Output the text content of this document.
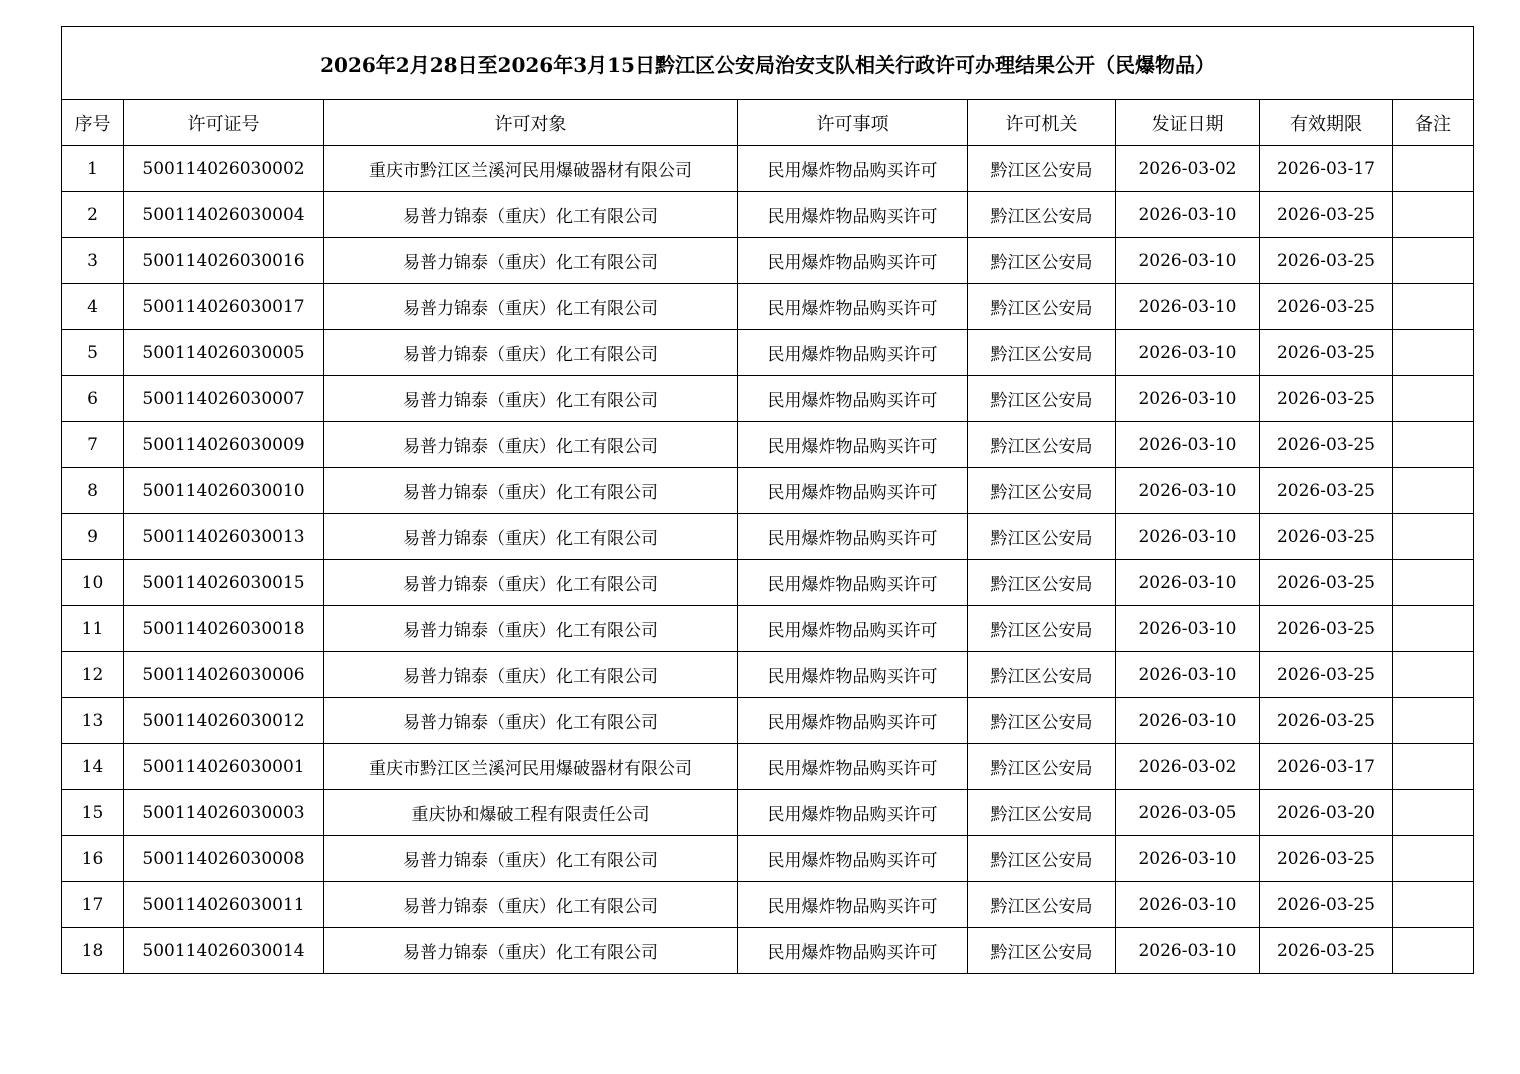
2026年2月28日至2026年3月15日黔江区公安局治安支队相关行政许可办理结果公开（民爆物品）							
序号	许可证号	许可对象	许可事项	许可机关	发证日期	有效期限	备注
1	500114026030002	重庆市黔江区兰溪河民用爆破器材有限公司	民用爆炸物品购买许可	黔江区公安局	2026-03-02	2026-03-17	
2	500114026030004	易普力锦泰（重庆）化工有限公司	民用爆炸物品购买许可	黔江区公安局	2026-03-10	2026-03-25	
3	500114026030016	易普力锦泰（重庆）化工有限公司	民用爆炸物品购买许可	黔江区公安局	2026-03-10	2026-03-25	
4	500114026030017	易普力锦泰（重庆）化工有限公司	民用爆炸物品购买许可	黔江区公安局	2026-03-10	2026-03-25	
5	500114026030005	易普力锦泰（重庆）化工有限公司	民用爆炸物品购买许可	黔江区公安局	2026-03-10	2026-03-25	
6	500114026030007	易普力锦泰（重庆）化工有限公司	民用爆炸物品购买许可	黔江区公安局	2026-03-10	2026-03-25	
7	500114026030009	易普力锦泰（重庆）化工有限公司	民用爆炸物品购买许可	黔江区公安局	2026-03-10	2026-03-25	
8	500114026030010	易普力锦泰（重庆）化工有限公司	民用爆炸物品购买许可	黔江区公安局	2026-03-10	2026-03-25	
9	500114026030013	易普力锦泰（重庆）化工有限公司	民用爆炸物品购买许可	黔江区公安局	2026-03-10	2026-03-25	
10	500114026030015	易普力锦泰（重庆）化工有限公司	民用爆炸物品购买许可	黔江区公安局	2026-03-10	2026-03-25	
11	500114026030018	易普力锦泰（重庆）化工有限公司	民用爆炸物品购买许可	黔江区公安局	2026-03-10	2026-03-25	
12	500114026030006	易普力锦泰（重庆）化工有限公司	民用爆炸物品购买许可	黔江区公安局	2026-03-10	2026-03-25	
13	500114026030012	易普力锦泰（重庆）化工有限公司	民用爆炸物品购买许可	黔江区公安局	2026-03-10	2026-03-25	
14	500114026030001	重庆市黔江区兰溪河民用爆破器材有限公司	民用爆炸物品购买许可	黔江区公安局	2026-03-02	2026-03-17	
15	500114026030003	重庆协和爆破工程有限责任公司	民用爆炸物品购买许可	黔江区公安局	2026-03-05	2026-03-20	
16	500114026030008	易普力锦泰（重庆）化工有限公司	民用爆炸物品购买许可	黔江区公安局	2026-03-10	2026-03-25	
17	500114026030011	易普力锦泰（重庆）化工有限公司	民用爆炸物品购买许可	黔江区公安局	2026-03-10	2026-03-25	
18	500114026030014	易普力锦泰（重庆）化工有限公司	民用爆炸物品购买许可	黔江区公安局	2026-03-10	2026-03-25	
